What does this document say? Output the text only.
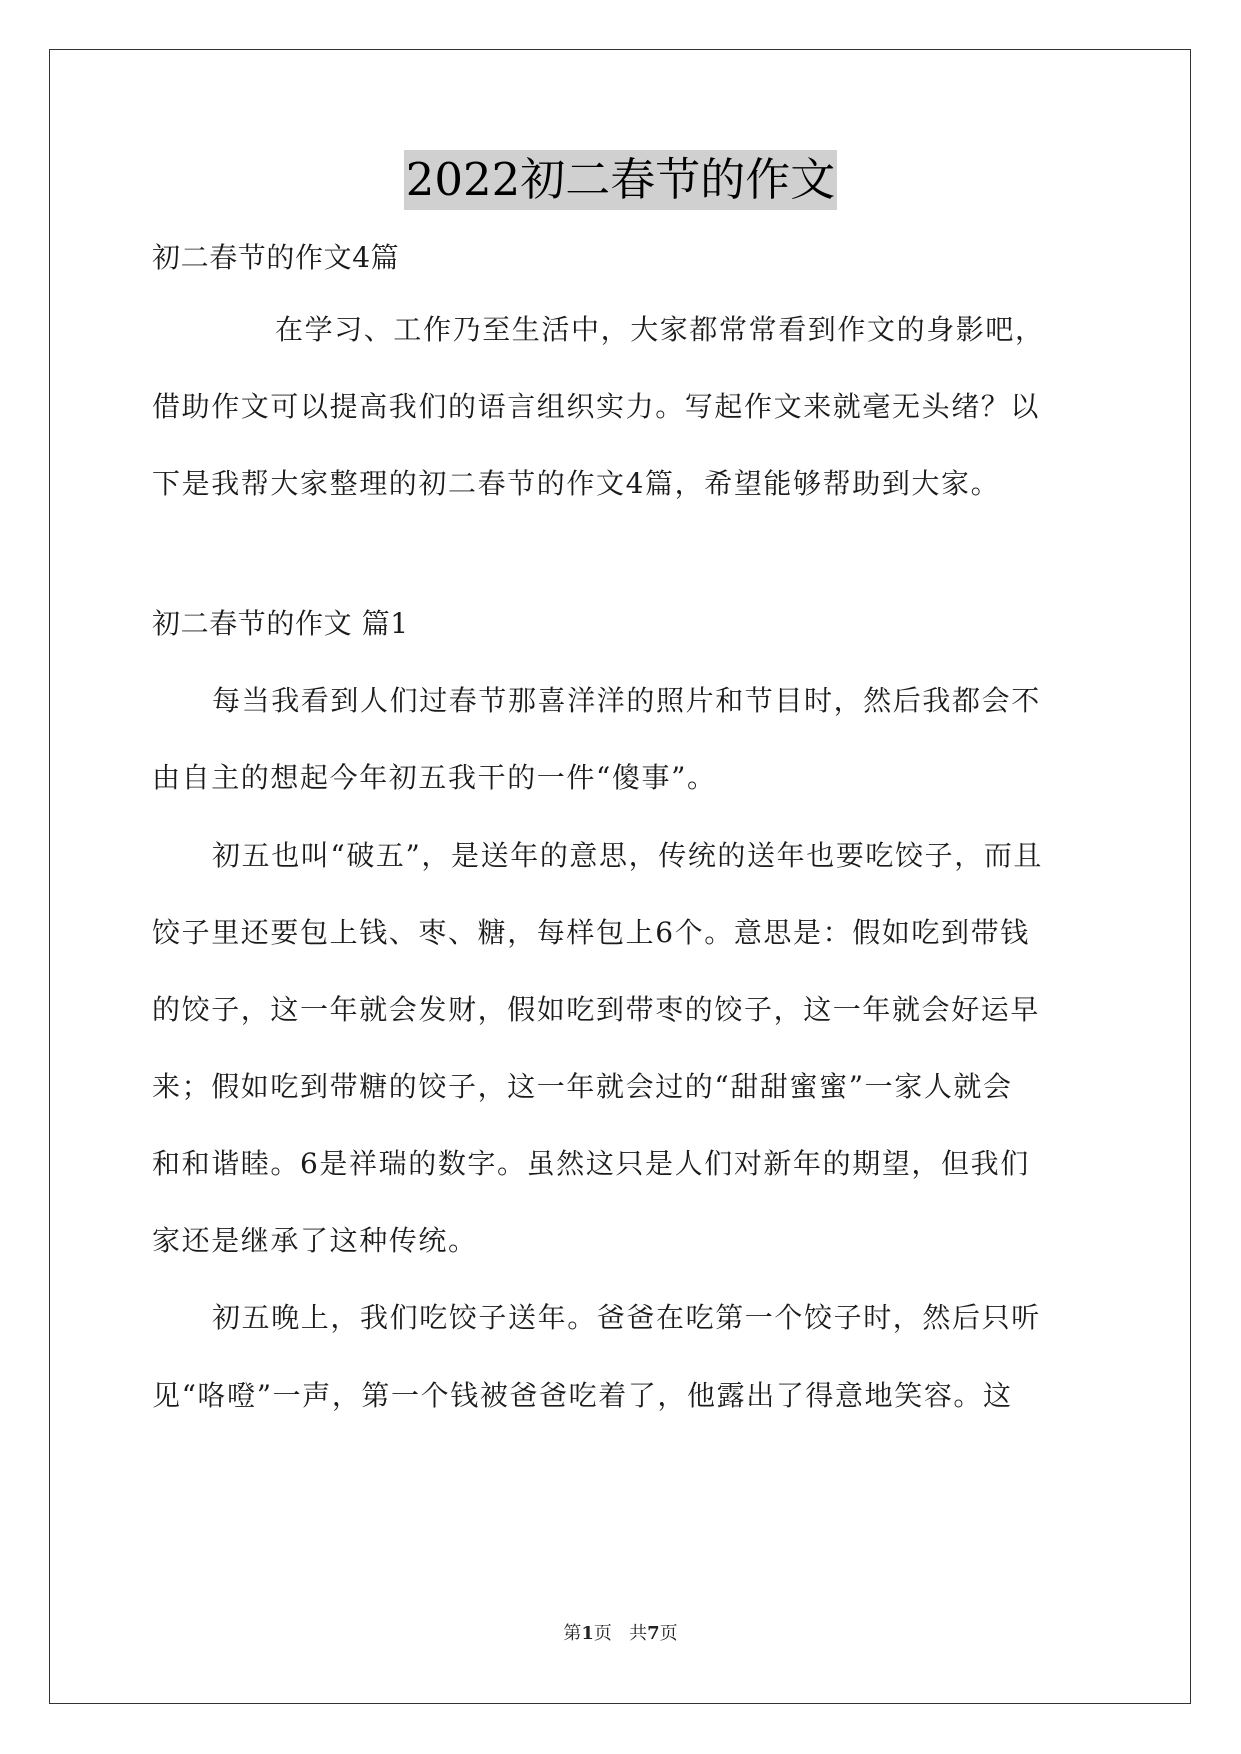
2022初二春节的作文
初二春节的作文4篇
在学习、工作乃至生活中，大家都常常看到作文的身影吧，
借助作文可以提高我们的语言组织实力。写起作文来就毫无头绪？以
下是我帮大家整理的初二春节的作文4篇，希望能够帮助到大家。
初二春节的作文 篇1
每当我看到人们过春节那喜洋洋的照片和节目时，然后我都会不
由自主的想起今年初五我干的一件“傻事”。
初五也叫“破五”，是送年的意思，传统的送年也要吃饺子，而且
饺子里还要包上钱、枣、糖，每样包上6个。意思是：假如吃到带钱
的饺子，这一年就会发财，假如吃到带枣的饺子，这一年就会好运早
来；假如吃到带糖的饺子，这一年就会过的“甜甜蜜蜜”一家人就会
和和谐睦。6是祥瑞的数字。虽然这只是人们对新年的期望，但我们
家还是继承了这种传统。
初五晚上，我们吃饺子送年。爸爸在吃第一个饺子时，然后只听
见“咯噔”一声，第一个钱被爸爸吃着了，他露出了得意地笑容。这
第1页   共7页
